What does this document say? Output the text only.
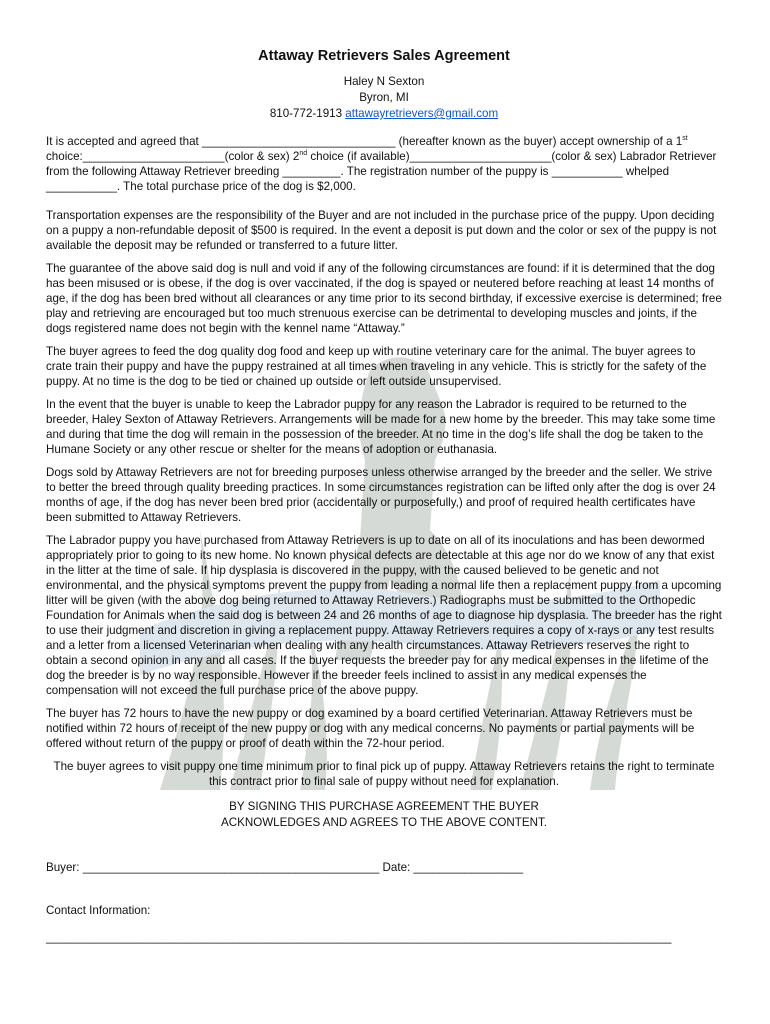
Attaway Retrievers Sales Agreement
Haley N Sexton
Byron, MI
810-772-1913 attawayretrievers@gmail.com

It is accepted and agreed that ______________________________ (hereafter known as the buyer) accept ownership of a 1st choice:______________________(color & sex) 2nd choice (if available)______________________(color & sex) Labrador Retriever from the following Attaway Retriever breeding _________. The registration number of the puppy is ___________ whelped ___________. The total purchase price of the dog is $2,000.

Transportation expenses are the responsibility of the Buyer and are not included in the purchase price of the puppy. Upon deciding on a puppy a non-refundable deposit of $500 is required. In the event a deposit is put down and the color or sex of the puppy is not available the deposit may be refunded or transferred to a future litter.

The guarantee of the above said dog is null and void if any of the following circumstances are found: if it is determined that the dog has been misused or is obese, if the dog is over vaccinated, if the dog is spayed or neutered before reaching at least 14 months of age, if the dog has been bred without all clearances or any time prior to its second birthday, if excessive exercise is determined; free play and retrieving are encouraged but too much strenuous exercise can be detrimental to developing muscles and joints, if the dogs registered name does not begin with the kennel name “Attaway.”

The buyer agrees to feed the dog quality dog food and keep up with routine veterinary care for the animal. The buyer agrees to crate train their puppy and have the puppy restrained at all times when traveling in any vehicle. This is strictly for the safety of the puppy. At no time is the dog to be tied or chained up outside or left outside unsupervised.

In the event that the buyer is unable to keep the Labrador puppy for any reason the Labrador is required to be returned to the breeder, Haley Sexton of Attaway Retrievers. Arrangements will be made for a new home by the breeder. This may take some time and during that time the dog will remain in the possession of the breeder. At no time in the dog’s life shall the dog be taken to the Humane Society or any other rescue or shelter for the means of adoption or euthanasia.

Dogs sold by Attaway Retrievers are not for breeding purposes unless otherwise arranged by the breeder and the seller. We strive to better the breed through quality breeding practices. In some circumstances registration can be lifted only after the dog is over 24 months of age, if the dog has never been bred prior (accidentally or purposefully,) and proof of required health certificates have been submitted to Attaway Retrievers.

The Labrador puppy you have purchased from Attaway Retrievers is up to date on all of its inoculations and has been dewormed appropriately prior to going to its new home. No known physical defects are detectable at this age nor do we know of any that exist in the litter at the time of sale. If hip dysplasia is discovered in the puppy, with the caused believed to be genetic and not environmental, and the physical symptoms prevent the puppy from leading a normal life then a replacement puppy from a upcoming litter will be given (with the above dog being returned to Attaway Retrievers.) Radiographs must be submitted to the Orthopedic Foundation for Animals when the said dog is between 24 and 26 months of age to diagnose hip dysplasia. The breeder has the right to use their judgment and discretion in giving a replacement puppy. Attaway Retrievers requires a copy of x-rays or any test results and a letter from a licensed Veterinarian when dealing with any health circumstances. Attaway Retrievers reserves the right to obtain a second opinion in any and all cases. If the buyer requests the breeder pay for any medical expenses in the lifetime of the dog the breeder is by no way responsible. However if the breeder feels inclined to assist in any medical expenses the compensation will not exceed the full purchase price of the above puppy.

The buyer has 72 hours to have the new puppy or dog examined by a board certified Veterinarian. Attaway Retrievers must be notified within 72 hours of receipt of the new puppy or dog with any medical concerns. No payments or partial payments will be offered without return of the puppy or proof of death within the 72-hour period.

The buyer agrees to visit puppy one time minimum prior to final pick up of puppy. Attaway Retrievers retains the right to terminate this contract prior to final sale of puppy without need for explanation.

BY SIGNING THIS PURCHASE AGREEMENT THE BUYER
ACKNOWLEDGES AND AGREES TO THE ABOVE CONTENT.
Buyer: ______________________________________________ Date: _________________
Contact Information:
_________________________________________________________________________________________________
